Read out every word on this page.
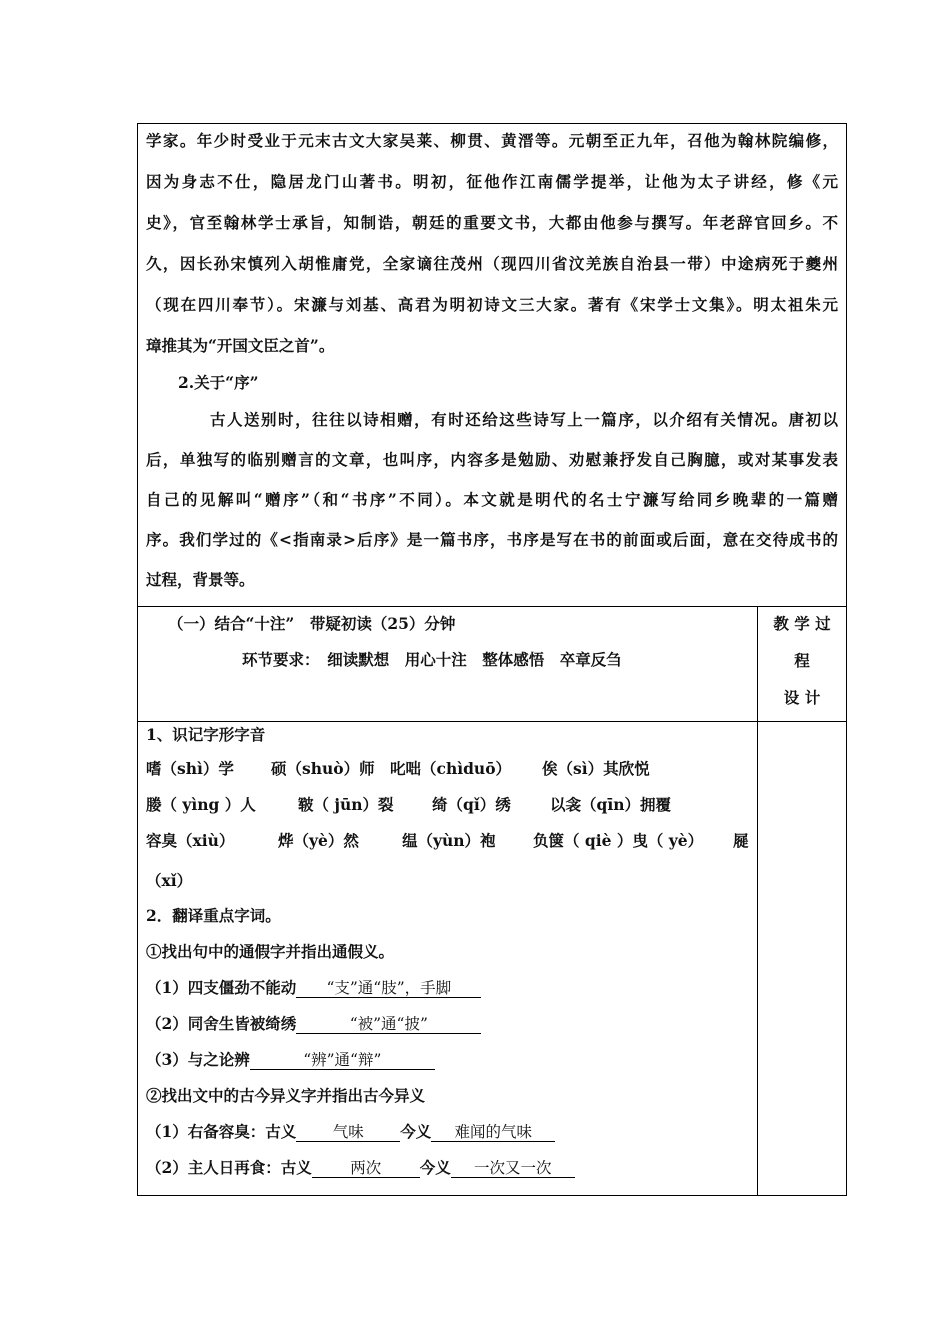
学家。年少时受业于元末古文大家吴莱、柳贯、黄溍等。元朝至正九年，召他为翰林院编修，
因为身志不仕，隐居龙门山著书。明初，征他作江南儒学提举，让他为太子讲经，修《元
史》，官至翰林学士承旨，知制诰，朝廷的重要文书，大都由他参与撰写。年老辞官回乡。不
久，因长孙宋慎列入胡惟庸党，全家谪往茂州（现四川省汶羌族自治县一带）中途病死于夔州
（现在四川奉节）。宋濂与刘基、高君为明初诗文三大家。著有《宋学士文集》。明太祖朱元
璋推其为“开国文臣之首”。
2.关于“序”
古人送别时，往往以诗相赠，有时还给这些诗写上一篇序，以介绍有关情况。唐初以
后，单独写的临别赠言的文章，也叫序，内容多是勉励、劝慰兼抒发自己胸臆，或对某事发表
自己的见解叫“赠序”（和“书序”不同）。本文就是明代的名士宁濂写给同乡晚辈的一篇赠
序。我们学过的《<指南录>后序》是一篇书序，书序是写在书的前面或后面，意在交待成书的
过程，背景等。
（一）结合“十注”　带疑初读（25）分钟
环节要求：　细读默想　用心十注　整体感悟　卒章反刍
教 学 过
程
设 计
1、识记字形字音
嗜（shì）学 硕（shuò）师 叱咄（chìduō） 俟（sì）其欣悦
媵（ yìng ）人	皲（ jūn）裂 绮（qǐ）绣	以衾（qīn）拥覆
容臭（xiù）	烨（yè）然	缊（yùn）袍 负箧（ qiè ）曳（ yè） 屣
（xǐ）
2．翻译重点字词。
①找出句中的通假字并指出通假义。
（1）四支僵劲不能动 “支”通“肢”，手脚
（2）同舍生皆被绮绣	“被”通“披”
（3）与之论辨	“辨”通“辩”
②找出文中的古今异义字并指出古今异义
（1）右备容臭：古义 气味 今义 难闻的气味
（2）主人日再食：古义 两次 今义 一次又一次
